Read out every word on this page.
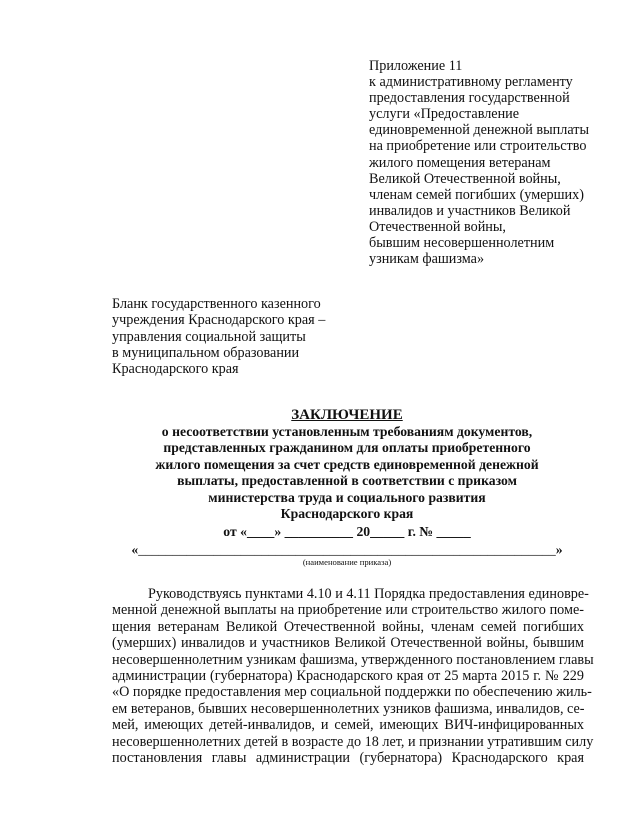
Приложение 11
к административному регламенту
предоставления государственной
услуги «Предоставление
единовременной денежной выплаты
на приобретение или строительство
жилого помещения ветеранам
Великой Отечественной войны,
членам семей погибших (умерших)
инвалидов и участников Великой
Отечественной войны,
бывшим несовершеннолетним
узникам фашизма»
Бланк государственного казенного
учреждения Краснодарского края –
управления социальной защиты
в муниципальном образовании
Краснодарского края
ЗАКЛЮЧЕНИЕ
о несоответствии установленным требованиям документов,
представленных гражданином для оплаты приобретенного
жилого помещения за счет средств единовременной денежной
выплаты, предоставленной в соответствии с приказом
министерства труда и социального развития
Краснодарского края
от «____» __________ 20_____ г. № _____
«_____________________________________________________________»
(наименование приказа)
Руководствуясь пунктами 4.10 и 4.11 Порядка предоставления единовре-
менной денежной выплаты на приобретение или строительство жилого поме-
щения ветеранам Великой Отечественной войны, членам семей погибших
(умерших) инвалидов и участников Великой Отечественной войны, бывшим
несовершеннолетним узникам фашизма, утвержденного постановлением главы
администрации (губернатора) Краснодарского края от 25 марта 2015 г. № 229
«О порядке предоставления мер социальной поддержки по обеспечению жиль-
ем ветеранов, бывших несовершеннолетних узников фашизма, инвалидов, се-
мей, имеющих детей-инвалидов, и семей, имеющих ВИЧ-инфицированных
несовершеннолетних детей в возрасте до 18 лет, и признании утратившим силу
постановления главы администрации (губернатора) Краснодарского края
